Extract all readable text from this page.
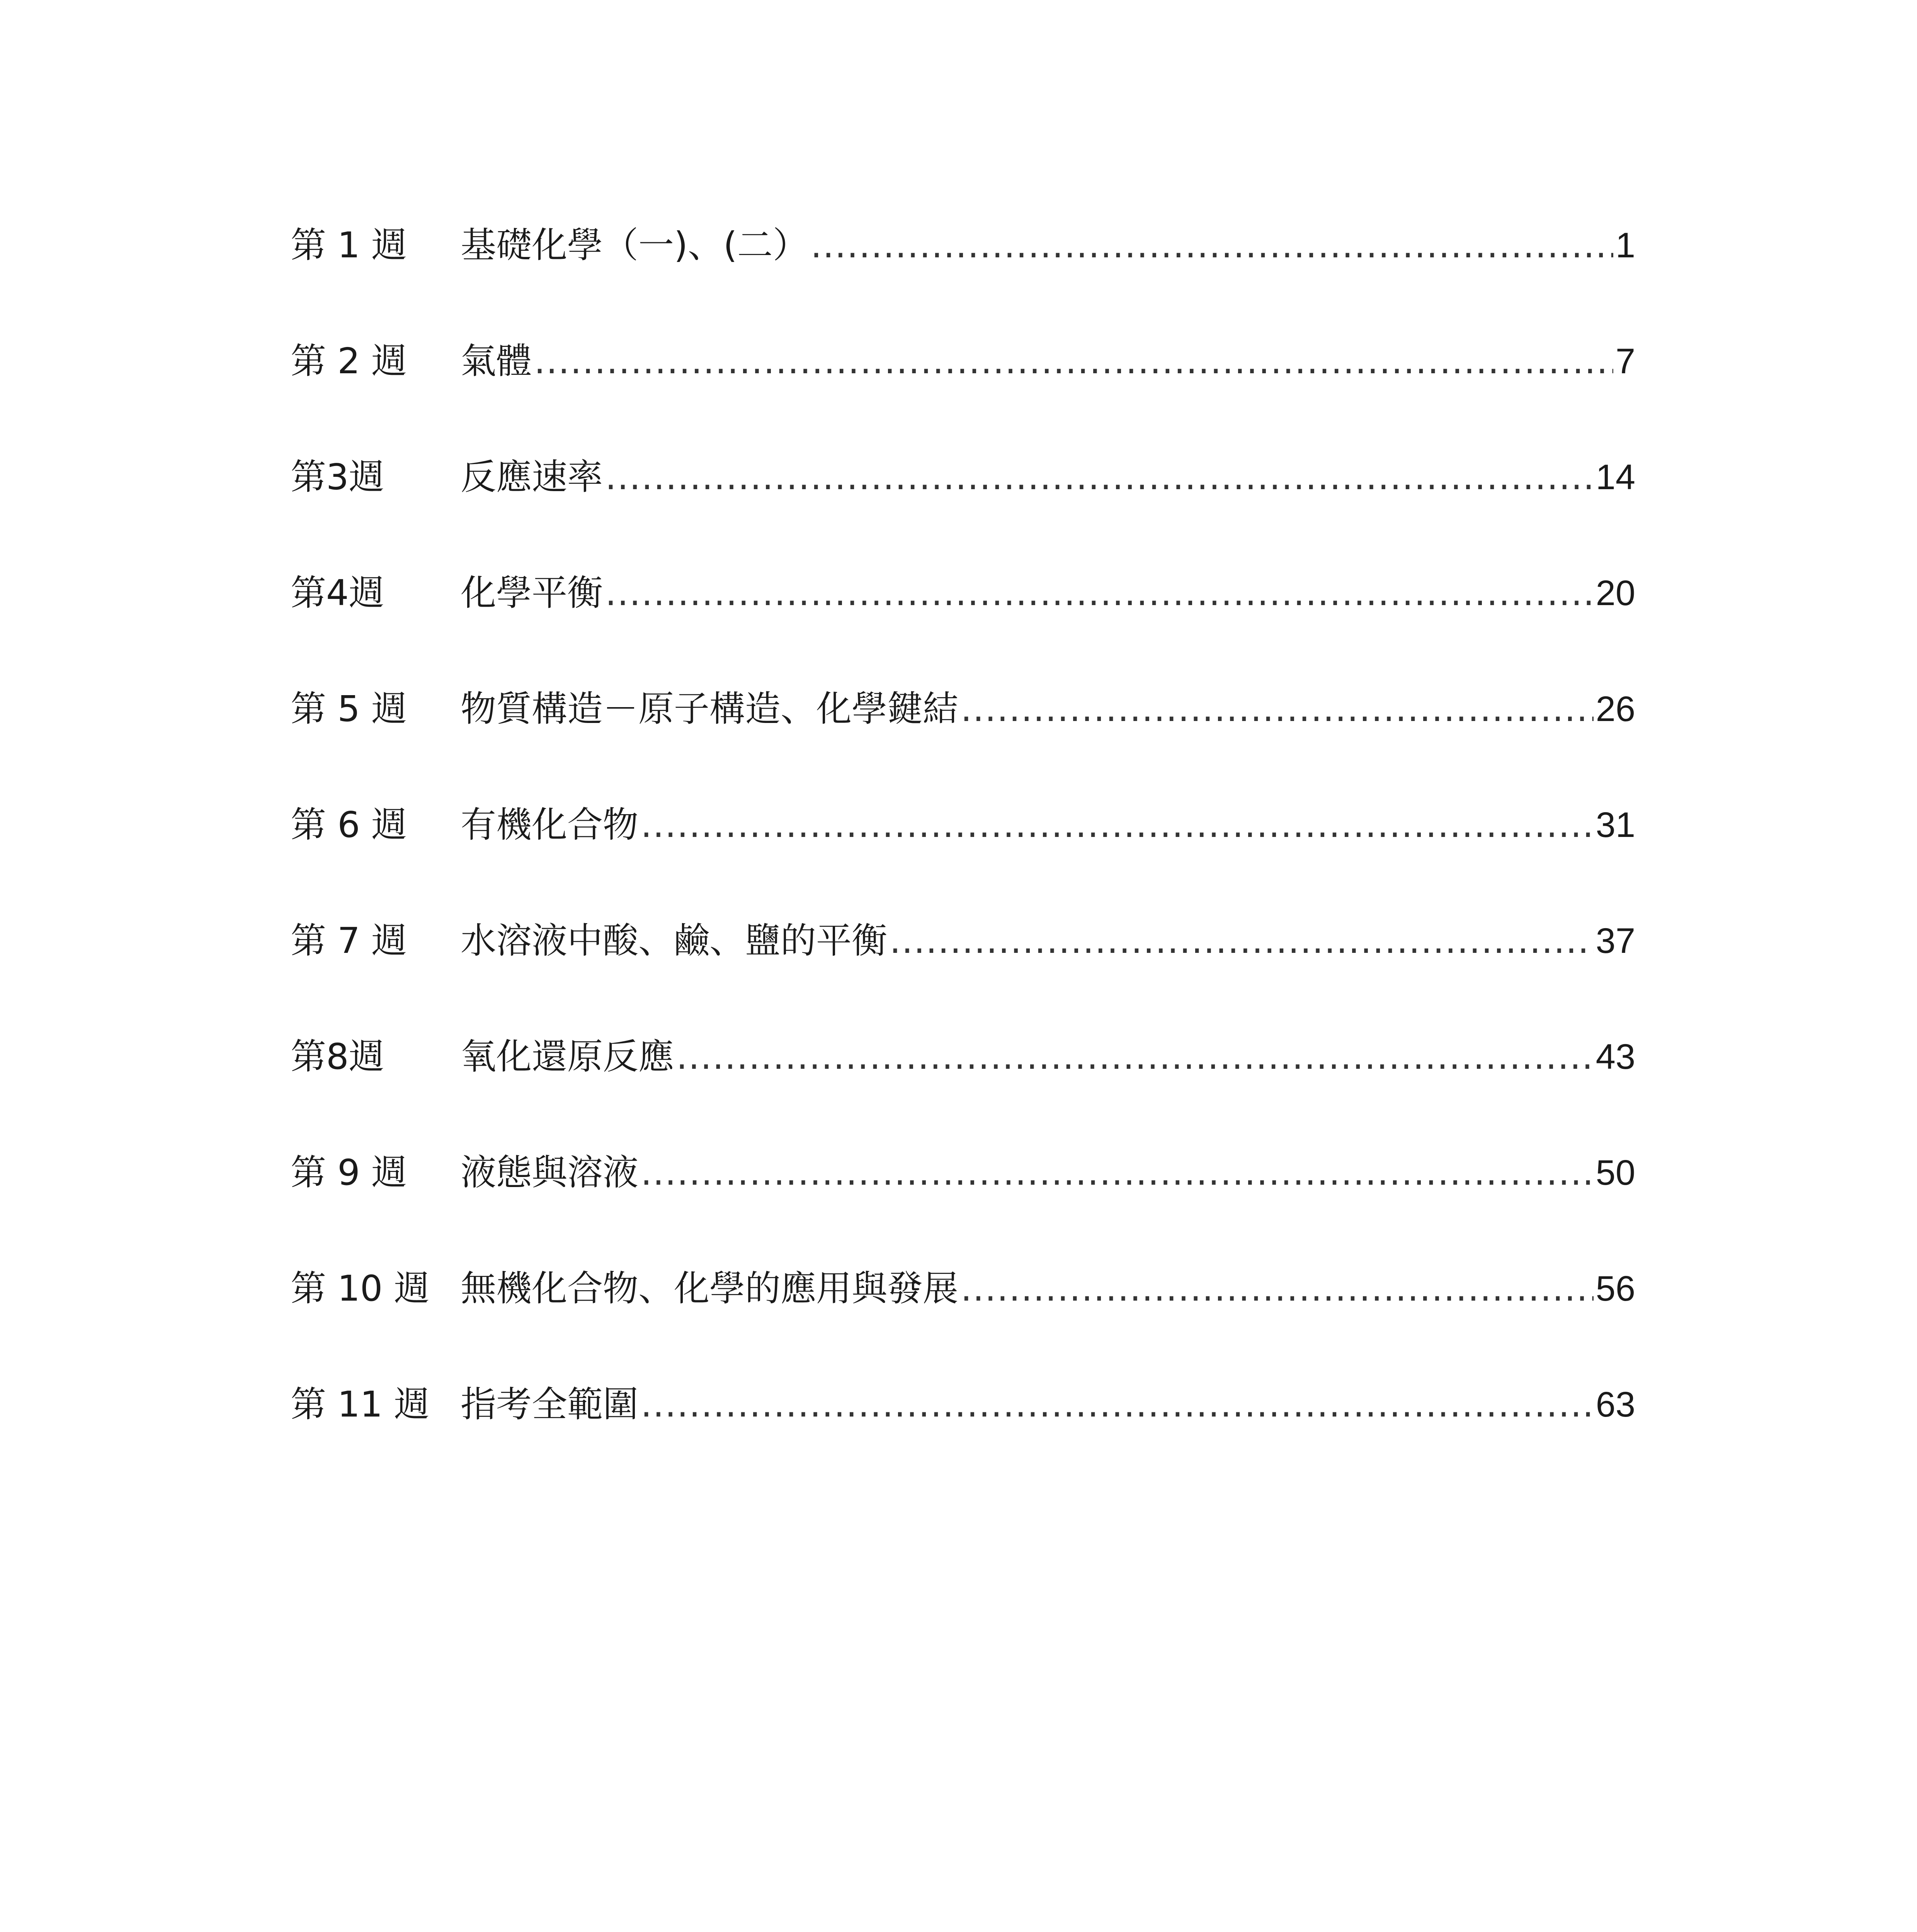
第 1 週	基礎化學（一)、(二） .....	1
第 2 週	氣體 .....	7
第3週	反應速率 .....	14
第4週	化學平衡 .....	20
第 5 週	物質構造－原子構造、化學鍵結 .....	26
第 6 週	有機化合物 .....	31
第 7 週	水溶液中酸、鹼、鹽的平衡 .....	37
第8週	氧化還原反應 .....	43
第 9 週	液態與溶液 .....	50
第 10 週 無機化合物、化學的應用與發展 .....	56
第 11 週 指考全範圍 .....	63
